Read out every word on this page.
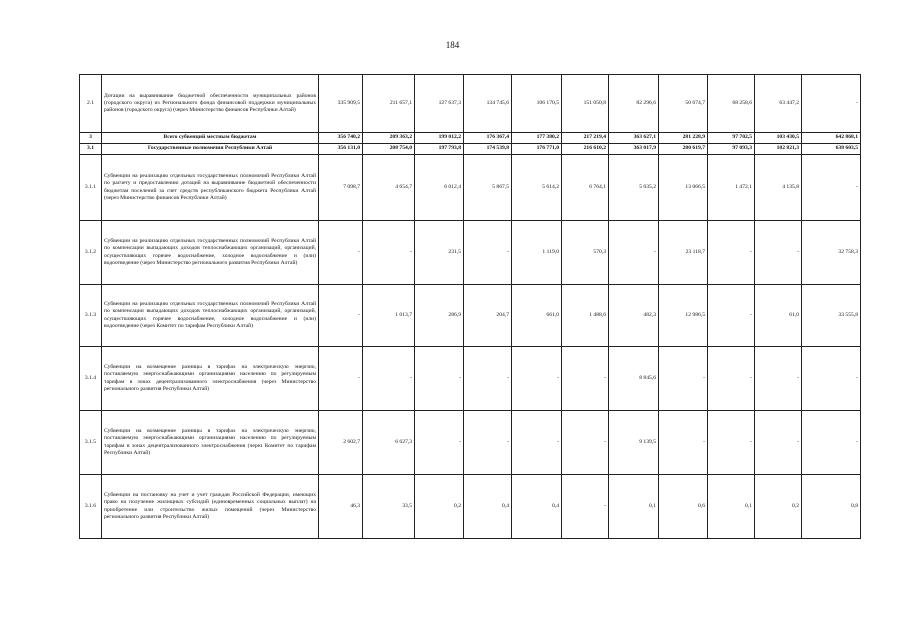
184
2.1	Дотации на выравнивание бюджетной обеспеченности муниципальных районов (городского округа) из Регионального фонда финансовой поддержки муниципальных районов (городского округа) (через Министерство финансов Республики Алтай)	335 909,5	211 657,1	127 637,3	134 745,6	106 170,5	151 050,8	82 296,6	50 674,7	68 258,6	63 447,2	-
3	Всего субвенций местным бюджетам	356 740,2	209 363,2	199 012,2	176 367,4	177 380,2	217 219,4	363 627,1	281 228,9	97 702,5	103 430,5	642 868,1
3.1	Государственные полномочия Республики Алтай	356 131,0	208 754,0	197 793,8	174 539,8	176 771,0	216 610,2	363 017,9	280 619,7	97 093,3	102 821,3	638 603,5
3.1.1	Субвенции на реализацию отдельных государственных полномочий Республики Алтай по расчету и предоставлению дотаций на выравнивание бюджетной обеспеченности бюджетам поселений за счет средств республиканского бюджета Республики Алтай (через Министерство финансов Республики Алтай)	7 098,7	4 654,7	6 012,4	5 867,5	5 614,2	6 764,1	5 035,2	13 066,5	1 472,1	4 135,8	-
3.1.2	Субвенции на реализацию отдельных государственных полномочий Республики Алтай по компенсации выпадающих доходов теплоснабжающих организаций, организаций, осуществляющих горячее водоснабжение, холодное водоснабжение и (или) водоотведение (через Министерство регионального развития Республики Алтай)	-	-	231,5	-	1 119,0	570,3	-	23 118,7	-	-	32 758,3
3.1.3	Субвенции на реализацию отдельных государственных полномочий Республики Алтай по компенсации выпадающих доходов теплоснабжающих организаций, организаций, осуществляющих горячее водоснабжение, холодное водоснабжение и (или) водоотведение (через Комитет по тарифам Республики Алтай)	-	1 013,7	286,9	204,7	661,0	1 488,6	482,3	12 986,5	-	61,0	33 555,8
3.1.4	Субвенции на возмещение разницы в тарифах на электрическую энергию, поставляемую энергоснабжающими организациями населению по регулируемым тарифам в зонах децентрализованного электроснабжения (через Министерство регионального развития Республики Алтай)	-	-	-	-	-	-	8 845,6	-	-	-	-
3.1.5	Субвенции на возмещение разницы в тарифах на электрическую энергию, поставляемую энергоснабжающими организациями населению по регулируемым тарифам в зонах децентрализованного электроснабжения (через Комитет по тарифам Республики Алтай)	2 602,7	6 627,3	-	-	-	-	9 139,5	-	-	-	-
3.1.6	Субвенции на постановку на учет и учет граждан Российской Федерации, имеющих право на получение жилищных субсидий (единовременных социальных выплат) на приобретение или строительство жилых помещений (через Министерство регионального развития Республики Алтай)	46,3	33,5	0,2	0,4	0,4	-	0,1	0,6	0,1	0,2	0,8
